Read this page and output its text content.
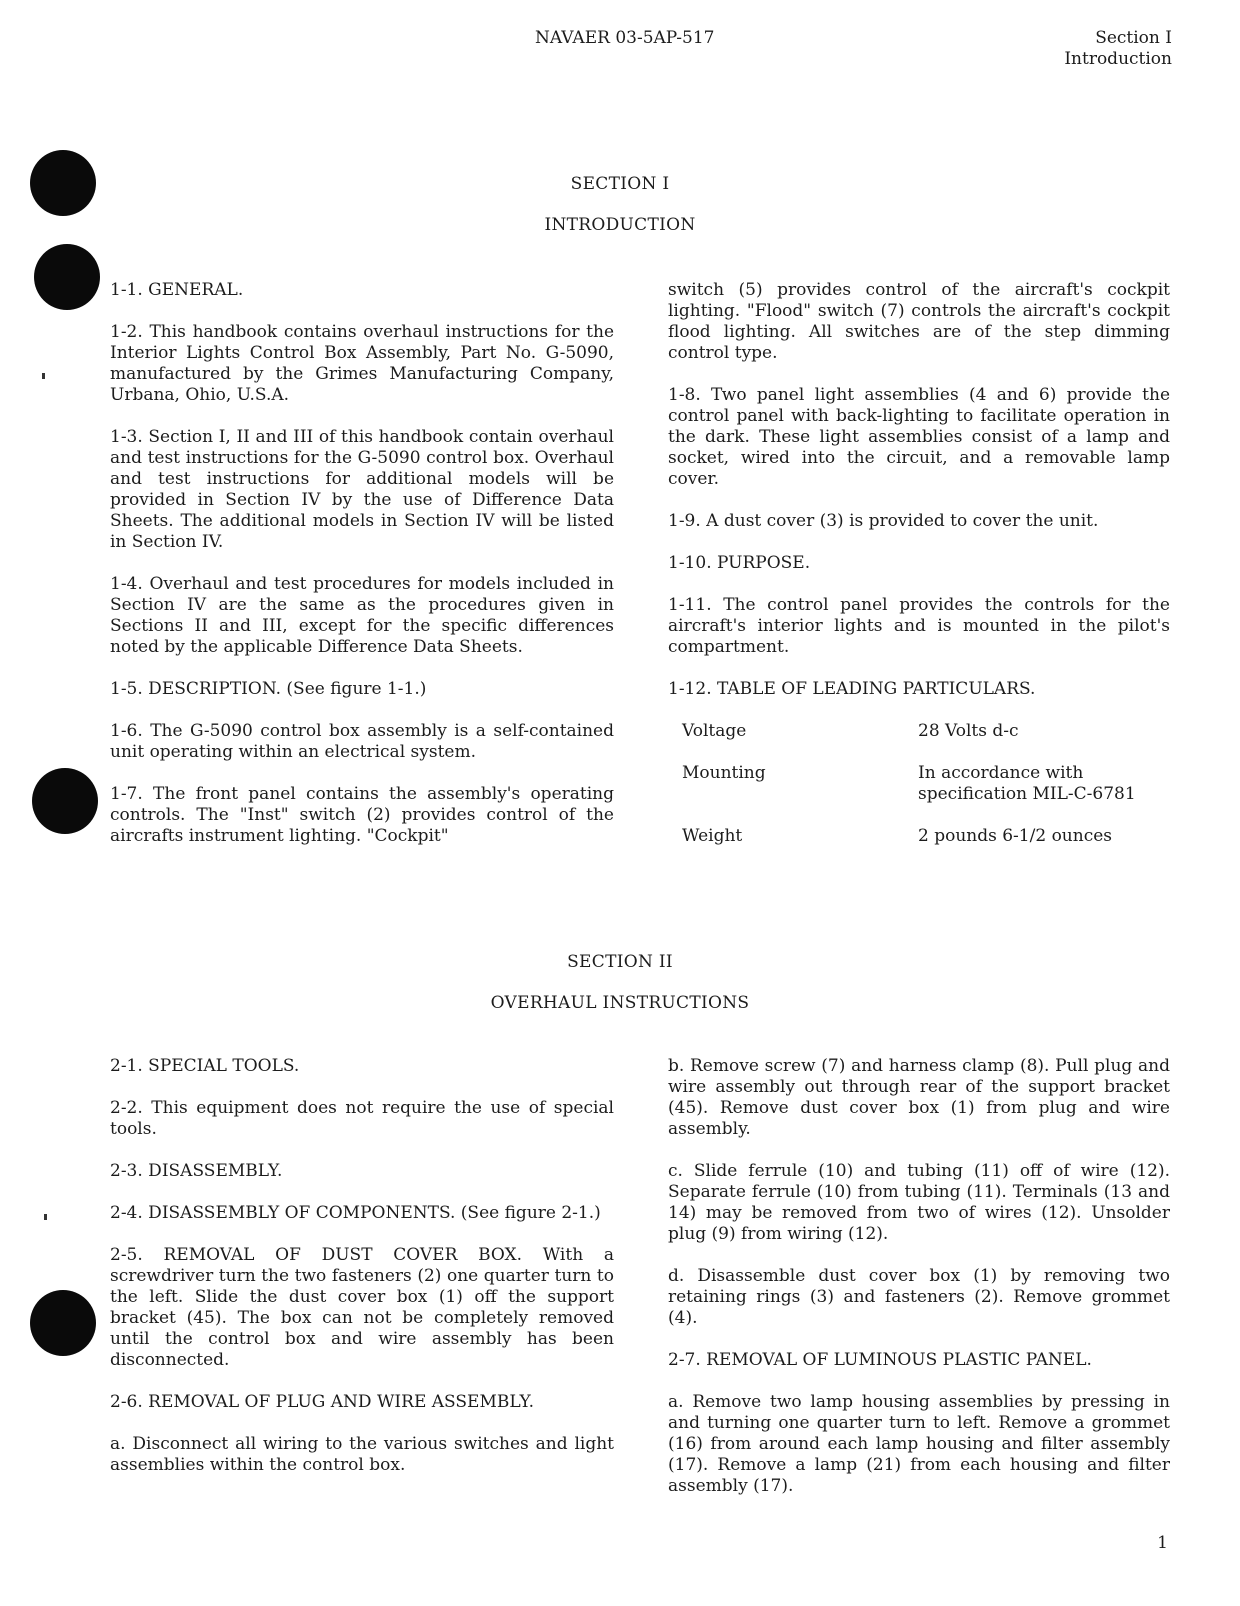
NAVAER 03-5AP-517	Section I
Introduction
SECTION I
INTRODUCTION

1-1. GENERAL.

1-2. This handbook contains overhaul instructions for the Interior Lights Control Box Assembly, Part No. G-5090, manufactured by the Grimes Manufacturing Company, Urbana, Ohio, U.S.A.

1-3. Section I, II and III of this handbook contain overhaul and test instructions for the G-5090 control box. Overhaul and test instructions for additional models will be provided in Section IV by the use of Difference Data Sheets. The additional models in Section IV will be listed in Section IV.

1-4. Overhaul and test procedures for models included in Section IV are the same as the procedures given in Sections II and III, except for the specific differences noted by the applicable Difference Data Sheets.

1-5. DESCRIPTION. (See figure 1-1.)

1-6. The G-5090 control box assembly is a self-contained unit operating within an electrical system.

1-7. The front panel contains the assembly's operating controls. The "Inst" switch (2) provides control of the aircrafts instrument lighting. "Cockpit"

switch (5) provides control of the aircraft's cockpit lighting. "Flood" switch (7) controls the aircraft's cockpit flood lighting. All switches are of the step dimming control type.

1-8. Two panel light assemblies (4 and 6) provide the control panel with back-lighting to facilitate operation in the dark. These light assemblies consist of a lamp and socket, wired into the circuit, and a removable lamp cover.

1-9. A dust cover (3) is provided to cover the unit.

1-10. PURPOSE.

1-11. The control panel provides the controls for the aircraft's interior lights and is mounted in the pilot's compartment.

1-12. TABLE OF LEADING PARTICULARS.

Voltage	28 Volts d-c
Mounting	In accordance with specification MIL-C-6781
Weight	2 pounds 6-1/2 ounces
SECTION II
OVERHAUL INSTRUCTIONS

2-1. SPECIAL TOOLS.

2-2. This equipment does not require the use of special tools.

2-3. DISASSEMBLY.

2-4. DISASSEMBLY OF COMPONENTS. (See figure 2-1.)

2-5. REMOVAL OF DUST COVER BOX. With a screwdriver turn the two fasteners (2) one quarter turn to the left. Slide the dust cover box (1) off the support bracket (45). The box can not be completely removed until the control box and wire assembly has been disconnected.

2-6. REMOVAL OF PLUG AND WIRE ASSEMBLY.

a. Disconnect all wiring to the various switches and light assemblies within the control box.

b. Remove screw (7) and harness clamp (8). Pull plug and wire assembly out through rear of the support bracket (45). Remove dust cover box (1) from plug and wire assembly.

c. Slide ferrule (10) and tubing (11) off of wire (12). Separate ferrule (10) from tubing (11). Terminals (13 and 14) may be removed from two of wires (12). Unsolder plug (9) from wiring (12).

d. Disassemble dust cover box (1) by removing two retaining rings (3) and fasteners (2). Remove grommet (4).

2-7. REMOVAL OF LUMINOUS PLASTIC PANEL.

a. Remove two lamp housing assemblies by pressing in and turning one quarter turn to left. Remove a grommet (16) from around each lamp housing and filter assembly (17). Remove a lamp (21) from each housing and filter assembly (17).

1
